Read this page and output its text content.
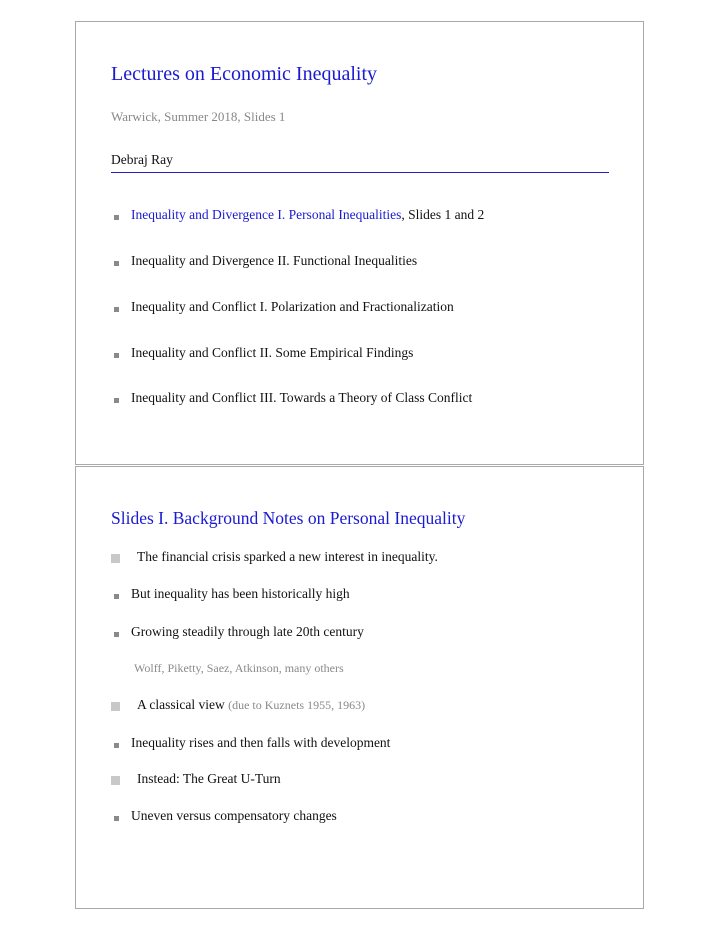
Lectures on Economic Inequality
Warwick, Summer 2018, Slides 1
Debraj Ray
Inequality and Divergence I. Personal Inequalities, Slides 1 and 2
Inequality and Divergence II. Functional Inequalities
Inequality and Conflict I. Polarization and Fractionalization
Inequality and Conflict II. Some Empirical Findings
Inequality and Conflict III. Towards a Theory of Class Conflict
Slides I. Background Notes on Personal Inequality
The financial crisis sparked a new interest in inequality.
But inequality has been historically high
Growing steadily through late 20th century
Wolff, Piketty, Saez, Atkinson, many others
A classical view (due to Kuznets 1955, 1963)
Inequality rises and then falls with development
Instead: The Great U-Turn
Uneven versus compensatory changes
